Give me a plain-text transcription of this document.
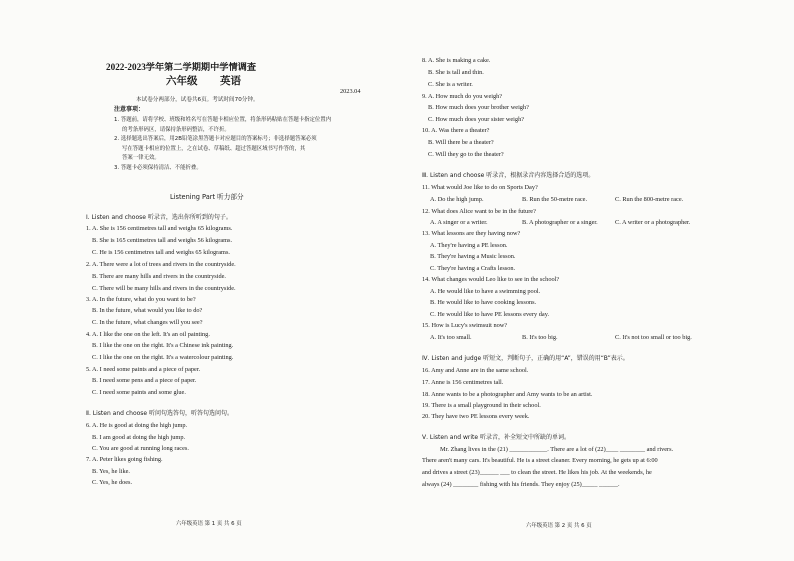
2022-2023学年第二学期期中学情调查
六年级 英语
2023.04
本试卷分两部分，试卷共6页。考试时间70分钟。
注意事项：
1. 答题前，请将学校、班级和姓名写在答题卡相应位置，将条形码粘贴在答题卡指定位置内
的考条形码区，请保持条形码整洁，不许折。
2. 选择题选出答案后，用2B铅笔涂黑答题卡对应题目的答案标号；非选择题答案必须
写在答题卡相应的位置上，之在试卷、草稿纸、超过答题区域书写作答的，其
答案一律无效。
3. 答题卡必须保持清洁、不能折叠。
Listening Part 听力部分
Ⅰ. Listen and choose 听录音，选出你所听到的句子。
1. A. She is 156 centimetres tall and weighs 65 kilograms.
B. She is 165 centimetres tall and weighs 56 kilograms.
C. He is 156 centimetres tall and weighs 65 kilograms.
2. A. There were a lot of trees and rivers in the countryside.
B. There are many hills and rivers in the countryside.
C. There will be many hills and rivers in the countryside.
3. A. In the future, what do you want to be?
B. In the future, what would you like to do?
C. In the future, what changes will you see?
4. A. I like the one on the left. It's an oil painting.
B. I like the one on the right. It's a Chinese ink painting.
C. I like the one on the right. It's a watercolour painting.
5. A. I need some paints and a piece of paper.
B. I need some pens and a piece of paper.
C. I need some paints and some glue.
Ⅱ. Listen and choose 听问句选答句，听答句选问句。
6. A. He is good at doing the high jump.
B. I am good at doing the high jump.
C. You are good at running long races.
7. A. Peter likes going fishing.
B. Yes, he like.
C. Yes, he does.
六年级英语 第 1 页 共 6 页
8. A. She is making a cake.
B. She is tall and thin.
C. She is a writer.
9. A. How much do you weigh?
B. How much does your brother weigh?
C. How much does your sister weigh?
10. A. Was there a theater?
B. Will there be a theater?
C. Will they go to the theater?
Ⅲ. Listen and choose 听录音，根据录音内容选择合适的选项。
11. What would Joe like to do on Sports Day?
A. Do the high jump.	B. Run the 50-metre race.	C. Run the 800-metre race.
12. What does Alice want to be in the future?
A. A singer or a writer.	B. A photographer or a singer.	C. A writer or a photographer.
13. What lessons are they having now?
A. They're having a PE lesson.
B. They're having a Music lesson.
C. They're having a Crafts lesson.
14. What changes would Leo like to see in the school?
A. He would like to have a swimming pool.
B. He would like to have cooking lessons.
C. He would like to have PE lessons every day.
15. How is Lucy's swimsuit now?
A. It's too small.	B. It's too big.	C. It's not too small or too big.
Ⅳ. Listen and judge 听短文，判断句子，正确的用“A”，错误的用“B”表示。
16. Amy and Anne are in the same school.
17. Anne is 156 centimetres tall.
18. Anne wants to be a photographer and Amy wants to be an artist.
19. There is a small playground in their school.
20. They have two PE lessons every week.
Ⅴ. Listen and write 听录音，补全短文中所缺的单词。
Mr. Zhang lives in the (21) ____________. There are a lot of (22)____ ________ and rivers.
There aren't many cars. It's beautiful. He is a street cleaner. Every morning, he gets up at 6:00
and drives a street (23)______ ___ to clean the street. He likes his job. At the weekends, he
always (24) ________ fishing with his friends. They enjoy (25)_____ ______.
六年级英语 第 2 页 共 6 页
